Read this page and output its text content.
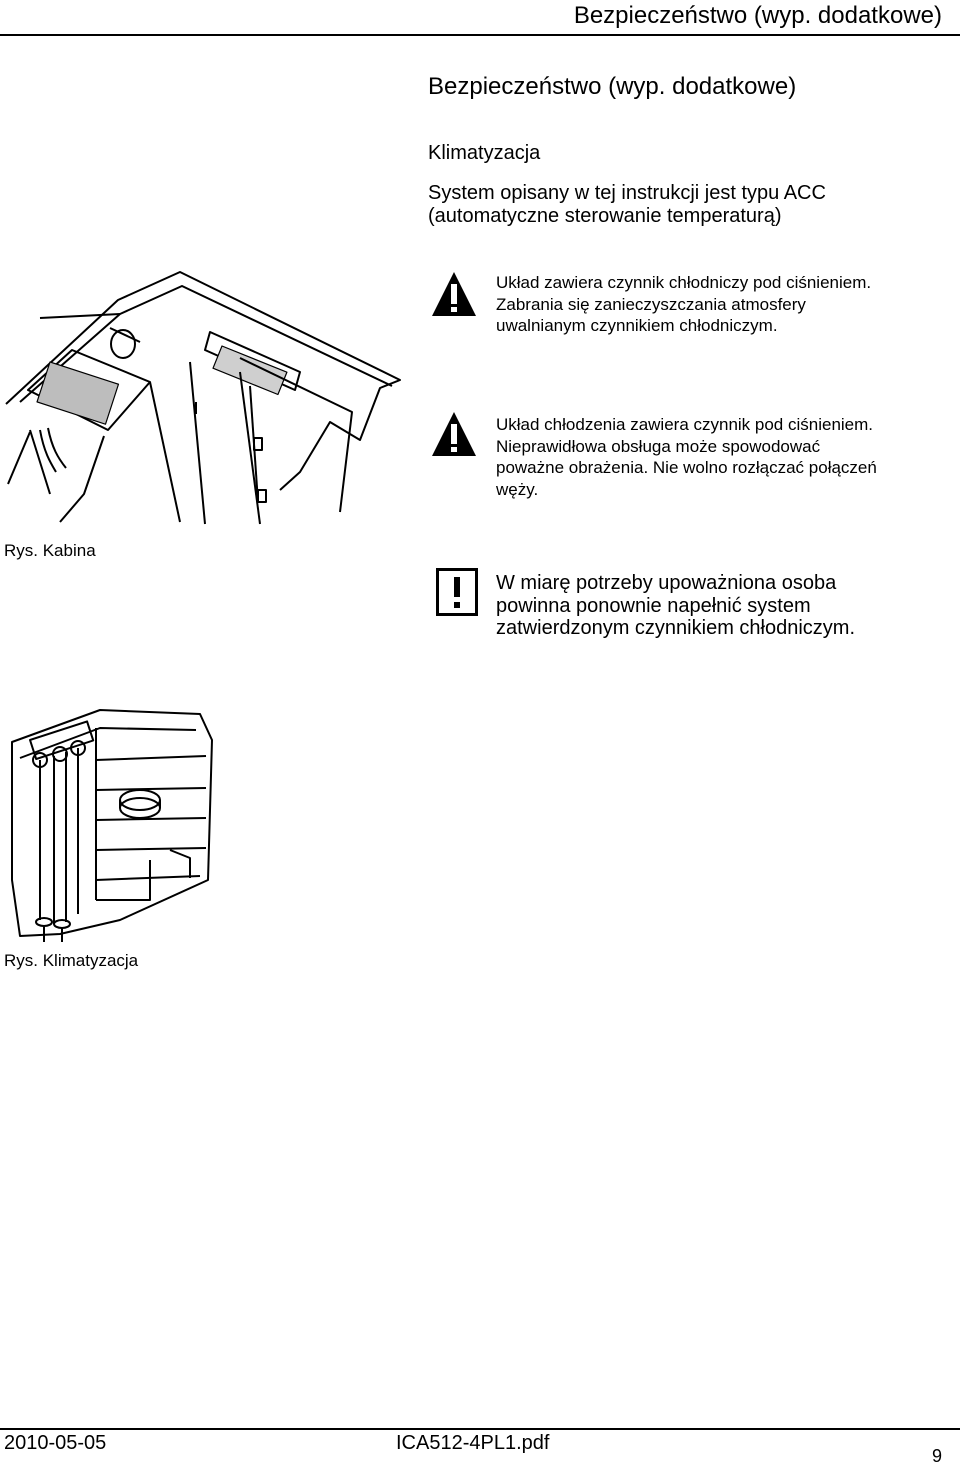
Bezpieczeństwo (wyp. dodatkowe)
Bezpieczeństwo (wyp. dodatkowe)
Klimatyzacja
System opisany w tej instrukcji jest typu ACC
(automatyczne sterowanie temperaturą)
Układ zawiera czynnik chłodniczy pod ciśnieniem.
Zabrania się zanieczyszczania atmosfery
uwalnianym czynnikiem chłodniczym.
Układ chłodzenia zawiera czynnik pod ciśnieniem.
Nieprawidłowa obsługa może spowodować
poważne obrażenia. Nie wolno rozłączać połączeń
węży.
Rys. Kabina
W miarę potrzeby upoważniona osoba
powinna ponownie napełnić system
zatwierdzonym czynnikiem chłodniczym.
Rys. Klimatyzacja
2010-05-05	ICA512-4PL1.pdf
9
